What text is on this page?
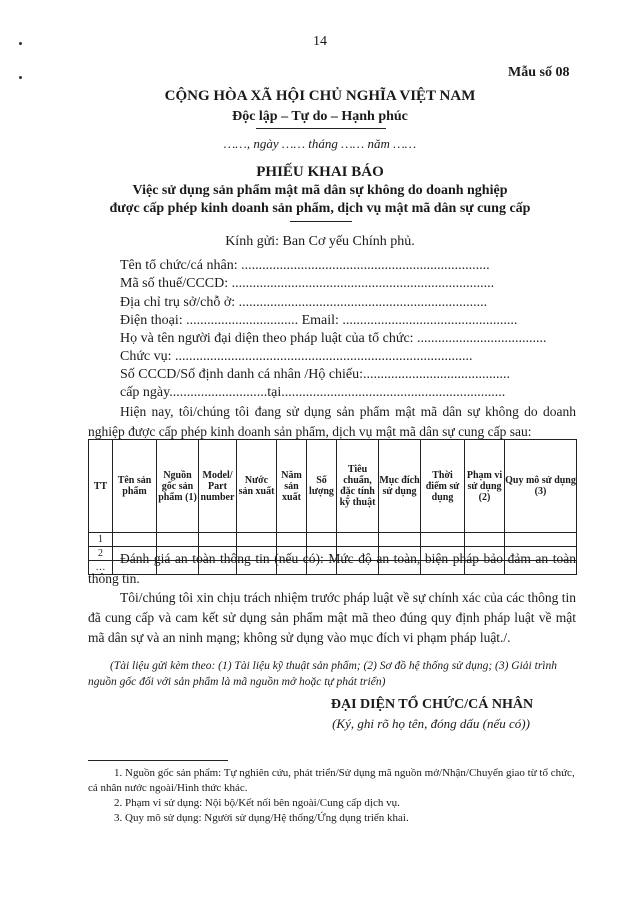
14
Mẫu số 08
CỘNG HÒA XÃ HỘI CHỦ NGHĨA VIỆT NAM
Độc lập – Tự do – Hạnh phúc
……, ngày …… tháng …… năm ……
PHIẾU KHAI BÁO
Việc sử dụng sản phẩm mật mã dân sự không do doanh nghiệp
được cấp phép kinh doanh sản phẩm, dịch vụ mật mã dân sự cung cấp
Kính gửi: Ban Cơ yếu Chính phủ.
Tên tổ chức/cá nhân: .......................................................................
Mã số thuế/CCCD: ...........................................................................
Địa chỉ trụ sở/chỗ ở: .......................................................................
Điện thoại: ................................ Email: ..................................................
Họ và tên người đại diện theo pháp luật của tổ chức: .....................................
Chức vụ: .....................................................................................
Số CCCD/Số định danh cá nhân /Hộ chiếu:..........................................
cấp ngày............................tại................................................................
Hiện nay, tôi/chúng tôi đang sử dụng sản phẩm mật mã dân sự không do doanh nghiệp được cấp phép kinh doanh sản phẩm, dịch vụ mật mã dân sự cung cấp sau:
TT	Tên sản phẩm	Nguồn gốc sản phẩm (1)	Model/ Part number	Nước sản xuất	Năm sản xuất	Số lượng	Tiêu chuẩn, đặc tính kỹ thuật	Mục đích sử dụng	Thời điểm sử dụng	Phạm vi sử dụng (2)	Quy mô sử dụng (3)
1											
2											
…											
Đánh giá an toàn thông tin (nếu có): Mức độ an toàn, biện pháp bảo đảm an toàn thông tin.
Tôi/chúng tôi xin chịu trách nhiệm trước pháp luật về sự chính xác của các thông tin đã cung cấp và cam kết sử dụng sản phẩm mật mã theo đúng quy định pháp luật về mật mã dân sự và an ninh mạng; không sử dụng vào mục đích vi phạm pháp luật./.
(Tài liệu gửi kèm theo: (1) Tài liệu kỹ thuật sản phẩm; (2) Sơ đồ hệ thống sử dụng; (3) Giải trình nguồn gốc đối với sản phẩm là mã nguồn mở hoặc tự phát triển)
ĐẠI DIỆN TỔ CHỨC/CÁ NHÂN
(Ký, ghi rõ họ tên, đóng dấu (nếu có))
1. Nguồn gốc sản phẩm: Tự nghiên cứu, phát triển/Sử dụng mã nguồn mở/Nhận/Chuyển giao từ tổ chức, cá nhân nước ngoài/Hình thức khác.
2. Phạm vi sử dụng: Nội bộ/Kết nối bên ngoài/Cung cấp dịch vụ.
3. Quy mô sử dụng: Người sử dụng/Hệ thống/Ứng dụng triển khai.
